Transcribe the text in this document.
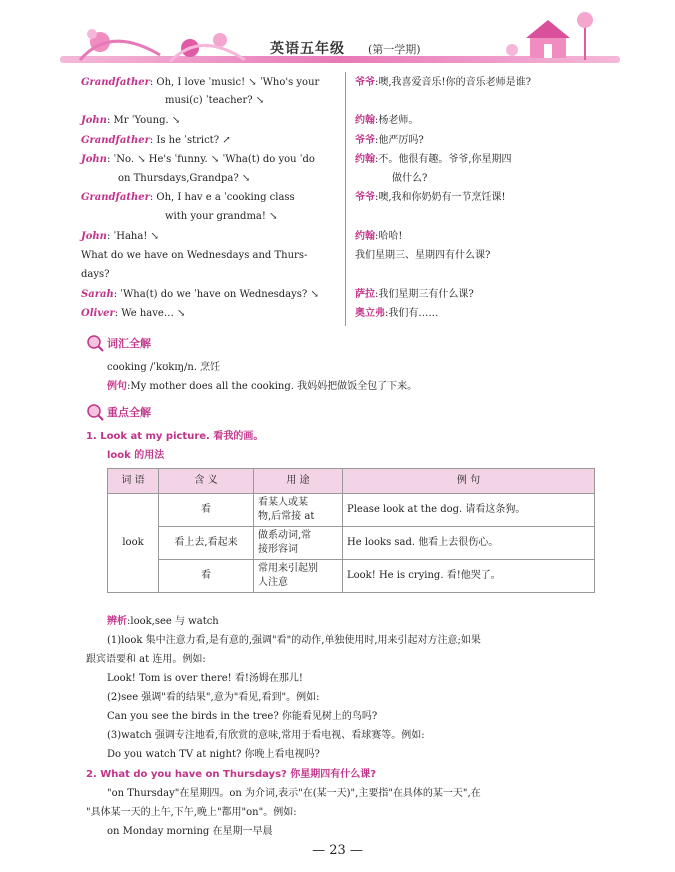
英语五年级 (第一学期)
Grandfather: Oh, I love ˈmusic! ↘ ˈWho's your
musi(c) ˈteacher? ↘
John: Mr ˈYoung. ↘
Grandfather: Is he ˈstrict? ↗
John: ˈNo. ↘ He's ˈfunny. ↘ ˈWha(t) do you ˈdo
on Thursdays,Grandpa? ↘
Grandfather: Oh, I hav e a ˈcooking class
with your grandma! ↘
John: ˈHaha! ↘
What do we have on Wednesdays and Thurs-
days?
Sarah: ˈWha(t) do we ˈhave on Wednesdays? ↘
Oliver: We have… ↘
爷爷:噢,我喜爱音乐!你的音乐老师是谁?
约翰:杨老师。
爷爷:他严厉吗?
约翰:不。他很有趣。爷爷,你星期四
做什么?
爷爷:噢,我和你奶奶有一节烹饪课!
约翰:哈哈!
我们星期三、星期四有什么课?
萨拉:我们星期三有什么课?
奥立弗:我们有……
词汇全解
cooking /ˈkʊkɪŋ/n. 烹饪
例句:My mother does all the cooking. 我妈妈把做饭全包了下来。
重点全解
1. Look at my picture. 看我的画。
look 的用法
词 语	含 义	用 途	例 句
look	看	看某人或某
物,后常接 at	Please look at the dog. 请看这条狗。
	看上去,看起来	做系动词,常
接形容词	He looks sad. 他看上去很伤心。
	看	常用来引起别
人注意	Look! He is crying. 看!他哭了。
辨析:look,see 与 watch
(1)look 集中注意力看,是有意的,强调"看"的动作,单独使用时,用来引起对方注意;如果
跟宾语要和 at 连用。例如:
Look! Tom is over there! 看!汤姆在那儿!
(2)see 强调"看的结果",意为"看见,看到"。例如:
Can you see the birds in the tree? 你能看见树上的鸟吗?
(3)watch 强调专注地看,有欣赏的意味,常用于看电视、看球赛等。例如:
Do you watch TV at night? 你晚上看电视吗?
2. What do you have on Thursdays? 你星期四有什么课?
"on Thursday"在星期四。on 为介词,表示"在(某一天)",主要指"在具体的某一天",在
"具体某一天的上午,下午,晚上"都用"on"。例如:
on Monday morning 在星期一早晨
— 23 —
